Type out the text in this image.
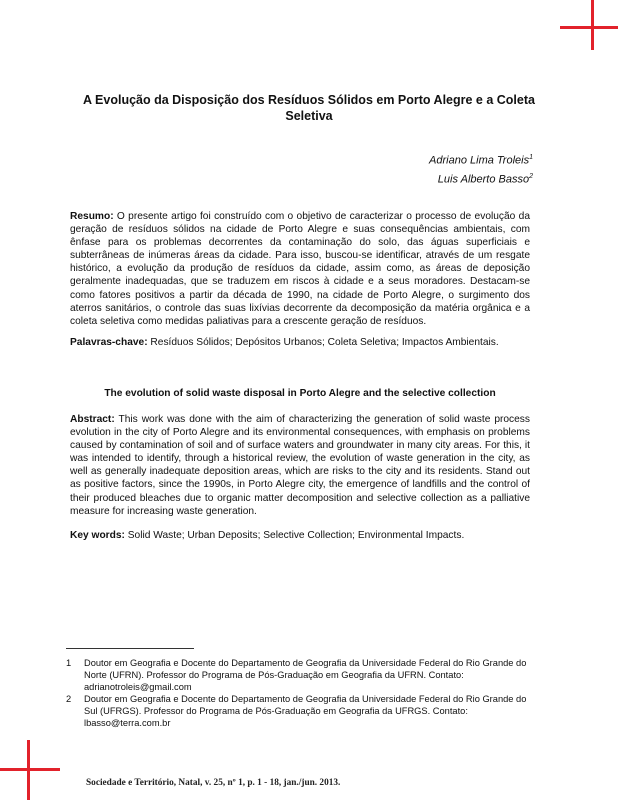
A Evolução da Disposição dos Resíduos Sólidos em Porto Alegre e a Coleta Seletiva
Adriano Lima Troleis$^1$
Luis Alberto Basso$^2$
Resumo: O presente artigo foi construído com o objetivo de caracterizar o processo de evolução da geração de resíduos sólidos na cidade de Porto Alegre e suas consequências ambientais, com ênfase para os problemas decorrentes da contaminação do solo, das águas superficiais e subterrâneas de inúmeras áreas da cidade. Para isso, buscou-se identificar, através de um resgate histórico, a evolução da produção de resíduos da cidade, assim como, as áreas de deposição geralmente inadequadas, que se traduzem em riscos à cidade e a seus moradores. Destacam-se como fatores positivos a partir da década de 1990, na cidade de Porto Alegre, o surgimento dos aterros sanitários, o controle das suas lixívias decorrente da decomposição da matéria orgânica e a coleta seletiva como medidas paliativas para a crescente geração de resíduos.
Palavras-chave: Resíduos Sólidos; Depósitos Urbanos; Coleta Seletiva; Impactos Ambientais.
The evolution of solid waste disposal in Porto Alegre and the selective collection
Abstract: This work was done with the aim of characterizing the generation of solid waste process evolution in the city of Porto Alegre and its environmental consequences, with emphasis on problems caused by contamination of soil and of surface waters and groundwater in many city areas. For this, it was intended to identify, through a historical review, the evolution of waste generation in the city, as well as generally inadequate deposition areas, which are risks to the city and its residents. Stand out as positive factors, since the 1990s, in Porto Alegre city, the emergence of landfills and the control of their produced bleaches due to organic matter decomposition and selective collection as a palliative measure for increasing waste generation.
Key words: Solid Waste; Urban Deposits; Selective Collection; Environmental Impacts.
1 Doutor em Geografia e Docente do Departamento de Geografia da Universidade Federal do Rio Grande do Norte (UFRN). Professor do Programa de Pós-Graduação em Geografia da UFRN. Contato: adrianotroleis@gmail.com
2 Doutor em Geografia e Docente do Departamento de Geografia da Universidade Federal do Rio Grande do Sul (UFRGS). Professor do Programa de Pós-Graduação em Geografia da UFRGS. Contato: lbasso@terra.com.br
Sociedade e Território, Natal, v. 25, nº 1, p. 1 - 18, jan./jun. 2013.
